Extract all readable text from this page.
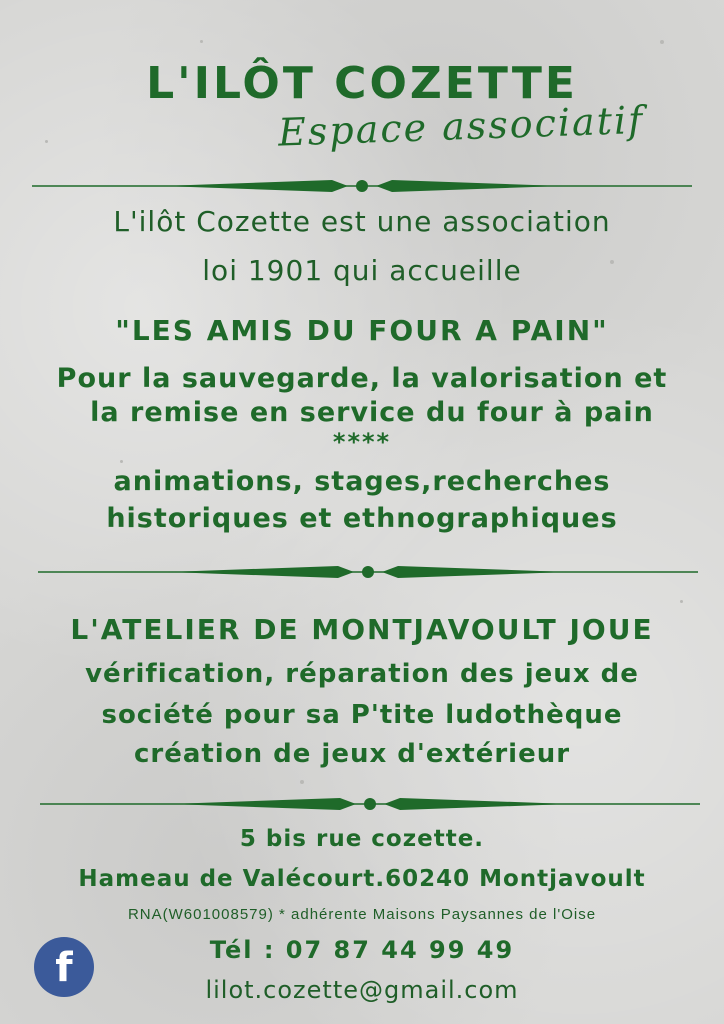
L'ILÔT COZETTE
Espace associatif
L'ilôt Cozette est une association
loi 1901 qui accueille
"LES AMIS DU FOUR A PAIN"
Pour la sauvegarde, la valorisation et
la remise en service du four à pain
****
animations, stages,recherches
historiques et ethnographiques
L'ATELIER DE MONTJAVOULT JOUE
vérification, réparation des jeux de
société pour sa P'tite ludothèque
création de jeux d'extérieur
5 bis rue cozette.
Hameau de Valécourt.60240 Montjavoult
RNA(W601008579) * adhérente Maisons Paysannes de l'Oise
Tél : 07 87 44 99 49
lilot.cozette@gmail.com
f
